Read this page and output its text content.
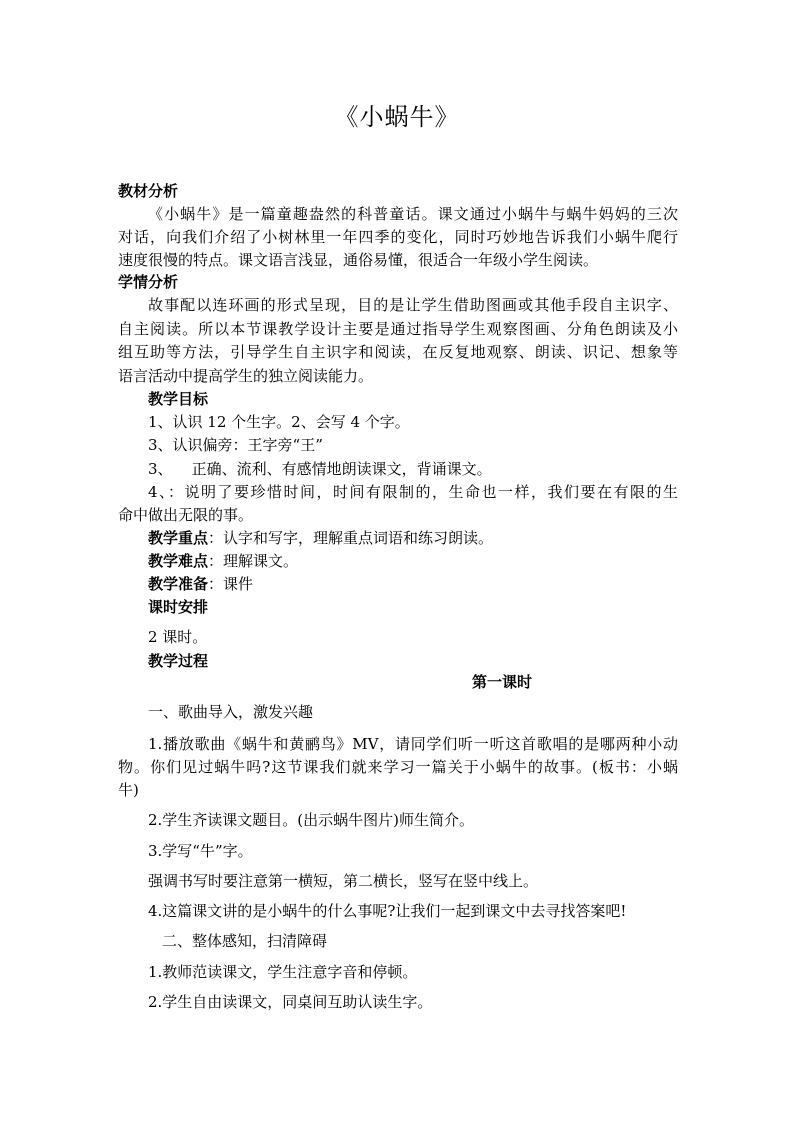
《小蜗牛》
教材分析
《小蜗牛》是一篇童趣盎然的科普童话。课文通过小蜗牛与蜗牛妈妈的三次
对话，向我们介绍了小树林里一年四季的变化，同时巧妙地告诉我们小蜗牛爬行
速度很慢的特点。课文语言浅显，通俗易懂，很适合一年级小学生阅读。
学情分析
故事配以连环画的形式呈现，目的是让学生借助图画或其他手段自主识字、
自主阅读。所以本节课教学设计主要是通过指导学生观察图画、分角色朗读及小
组互助等方法，引导学生自主识字和阅读，在反复地观察、朗读、识记、想象等
语言活动中提高学生的独立阅读能力。
教学目标
1、认识 12 个生字。2、会写 4 个字。
3、认识偏旁：王字旁“王”
3、    正确、流利、有感情地朗读课文，背诵课文。
4、：说明了要珍惜时间，时间有限制的，生命也一样，我们要在有限的生
命中做出无限的事。
教学重点：认字和写字，理解重点词语和练习朗读。
教学难点：理解课文。
教学准备：课件
课时安排
2 课时。
教学过程
第一课时
一、歌曲导入，激发兴趣
1.播放歌曲《蜗牛和黄鹂鸟》MV，请同学们听一听这首歌唱的是哪两种小动
物。你们见过蜗牛吗?这节课我们就来学习一篇关于小蜗牛的故事。(板书：小蜗
牛)
2.学生齐读课文题目。(出示蜗牛图片)师生简介。
3.学写“牛”字。
强调书写时要注意第一横短，第二横长，竖写在竖中线上。
4.这篇课文讲的是小蜗牛的什么事呢?让我们一起到课文中去寻找答案吧!
二、整体感知，扫清障碍
1.教师范读课文，学生注意字音和停顿。
2.学生自由读课文，同桌间互助认读生字。
